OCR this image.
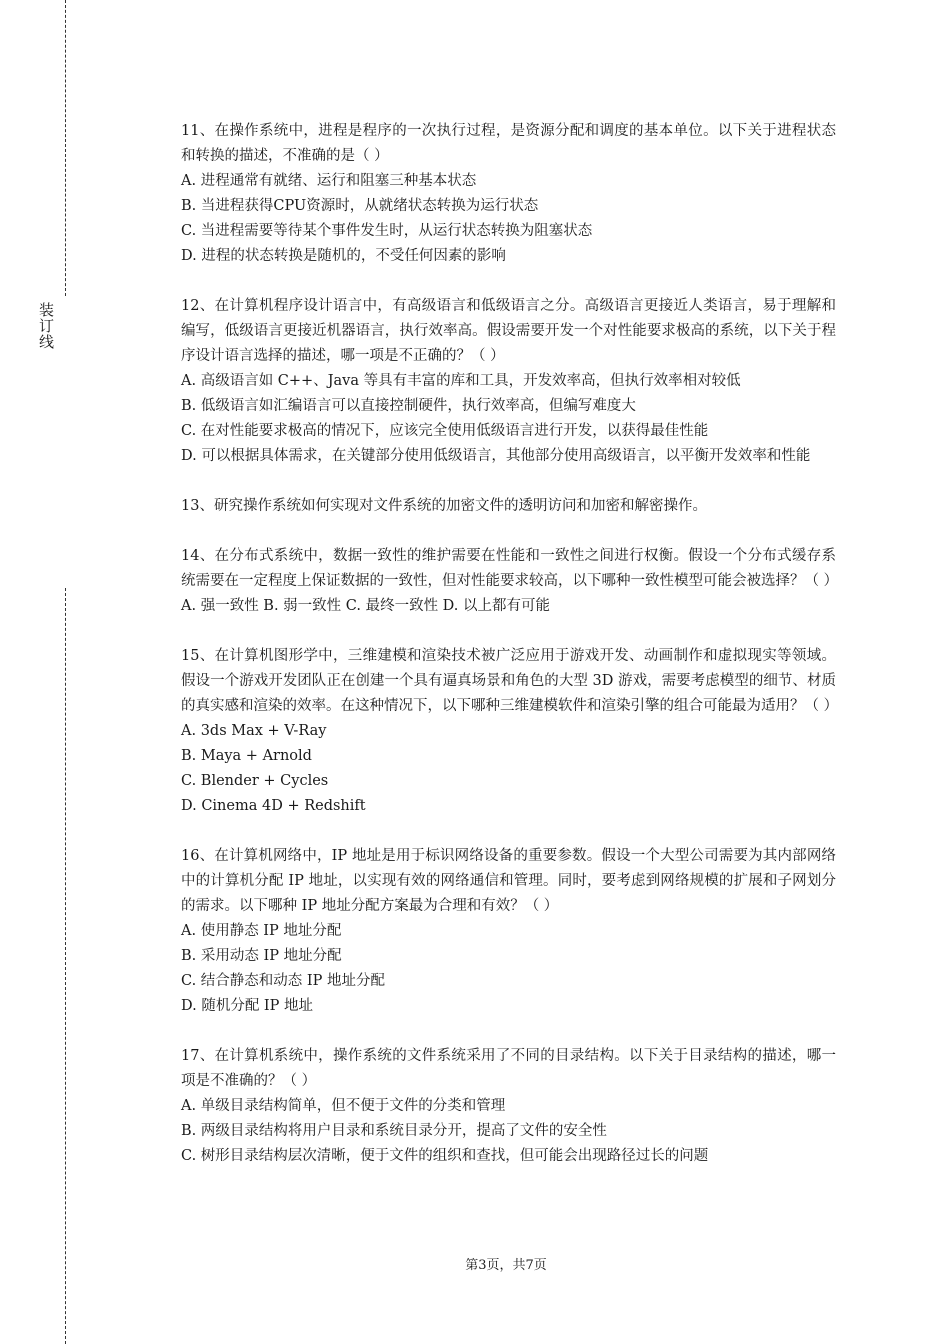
装订线

11、在操作系统中，进程是程序的一次执行过程，是资源分配和调度的基本单位。以下关于进程状态和转换的描述，不准确的是（ ）

A. 进程通常有就绪、运行和阻塞三种基本状态

B. 当进程获得CPU资源时，从就绪状态转换为运行状态

C. 当进程需要等待某个事件发生时，从运行状态转换为阻塞状态

D. 进程的状态转换是随机的，不受任何因素的影响

12、在计算机程序设计语言中，有高级语言和低级语言之分。高级语言更接近人类语言，易于理解和编写，低级语言更接近机器语言，执行效率高。假设需要开发一个对性能要求极高的系统，以下关于程序设计语言选择的描述，哪一项是不正确的？（ ）

A. 高级语言如 C++、Java 等具有丰富的库和工具，开发效率高，但执行效率相对较低

B. 低级语言如汇编语言可以直接控制硬件，执行效率高，但编写难度大

C. 在对性能要求极高的情况下，应该完全使用低级语言进行开发，以获得最佳性能

D. 可以根据具体需求，在关键部分使用低级语言，其他部分使用高级语言，以平衡开发效率和性能

13、研究操作系统如何实现对文件系统的加密文件的透明访问和加密和解密操作。

14、在分布式系统中，数据一致性的维护需要在性能和一致性之间进行权衡。假设一个分布式缓存系统需要在一定程度上保证数据的一致性，但对性能要求较高，以下哪种一致性模型可能会被选择？（ ）

A. 强一致性 B. 弱一致性 C. 最终一致性 D. 以上都有可能

15、在计算机图形学中，三维建模和渲染技术被广泛应用于游戏开发、动画制作和虚拟现实等领域。假设一个游戏开发团队正在创建一个具有逼真场景和角色的大型 3D 游戏，需要考虑模型的细节、材质的真实感和渲染的效率。在这种情况下，以下哪种三维建模软件和渲染引擎的组合可能最为适用？（ ）

A. 3ds Max + V-Ray

B. Maya + Arnold

C. Blender + Cycles

D. Cinema 4D + Redshift

16、在计算机网络中，IP 地址是用于标识网络设备的重要参数。假设一个大型公司需要为其内部网络中的计算机分配 IP 地址，以实现有效的网络通信和管理。同时，要考虑到网络规模的扩展和子网划分的需求。以下哪种 IP 地址分配方案最为合理和有效？（ ）

A. 使用静态 IP 地址分配

B. 采用动态 IP 地址分配

C. 结合静态和动态 IP 地址分配

D. 随机分配 IP 地址

17、在计算机系统中，操作系统的文件系统采用了不同的目录结构。以下关于目录结构的描述，哪一项是不准确的？（ ）

A. 单级目录结构简单，但不便于文件的分类和管理

B. 两级目录结构将用户目录和系统目录分开，提高了文件的安全性

C. 树形目录结构层次清晰，便于文件的组织和查找，但可能会出现路径过长的问题

第3页，共7页
